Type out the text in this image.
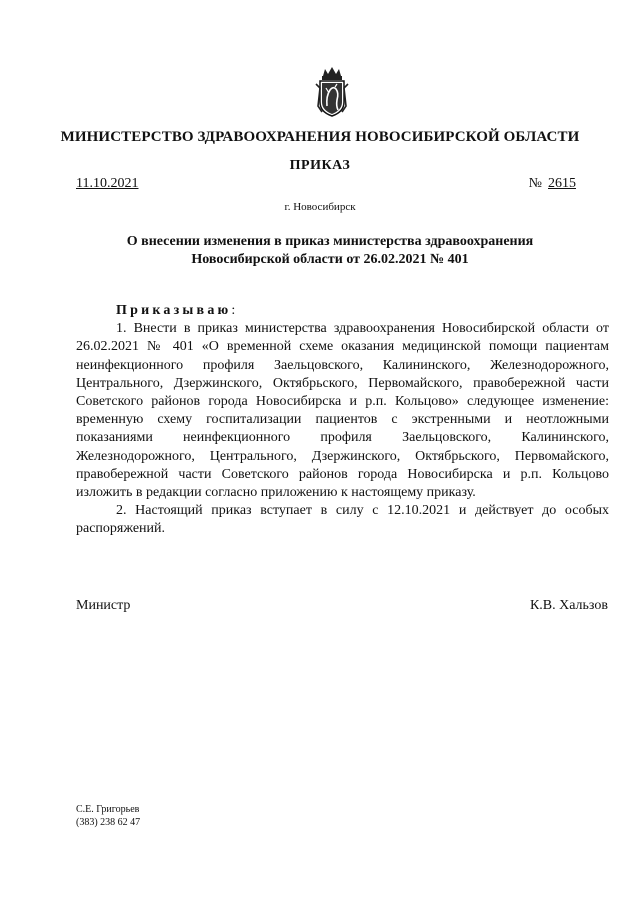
МИНИСТЕРСТВО ЗДРАВООХРАНЕНИЯ НОВОСИБИРСКОЙ ОБЛАСТИ
ПРИКАЗ
11.10.2021	№ 2615
г. Новосибирск
О внесении изменения в приказ министерства здравоохранения
Новосибирской области от 26.02.2021 № 401

Приказываю:

1. Внести в приказ министерства здравоохранения Новосибирской области от 26.02.2021 № 401 «О временной схеме оказания медицинской помощи пациентам неинфекционного профиля Заельцовского, Калининского, Железнодорожного, Центрального, Дзержинского, Октябрьского, Первомайского, правобережной части Советского районов города Новосибирска и р.п. Кольцово» следующее изменение: временную схему госпитализации пациентов с экстренными и неотложными показаниями неинфекционного профиля Заельцовского, Калининского, Железнодорожного, Центрального, Дзержинского, Октябрьского, Первомайского, правобережной части Советского районов города Новосибирска и р.п. Кольцово изложить в редакции согласно приложению к настоящему приказу.

2. Настоящий приказ вступает в силу с 12.10.2021 и действует до особых распоряжений.

Министр	К.В. Хальзов
С.Е. Григорьев
(383) 238 62 47
